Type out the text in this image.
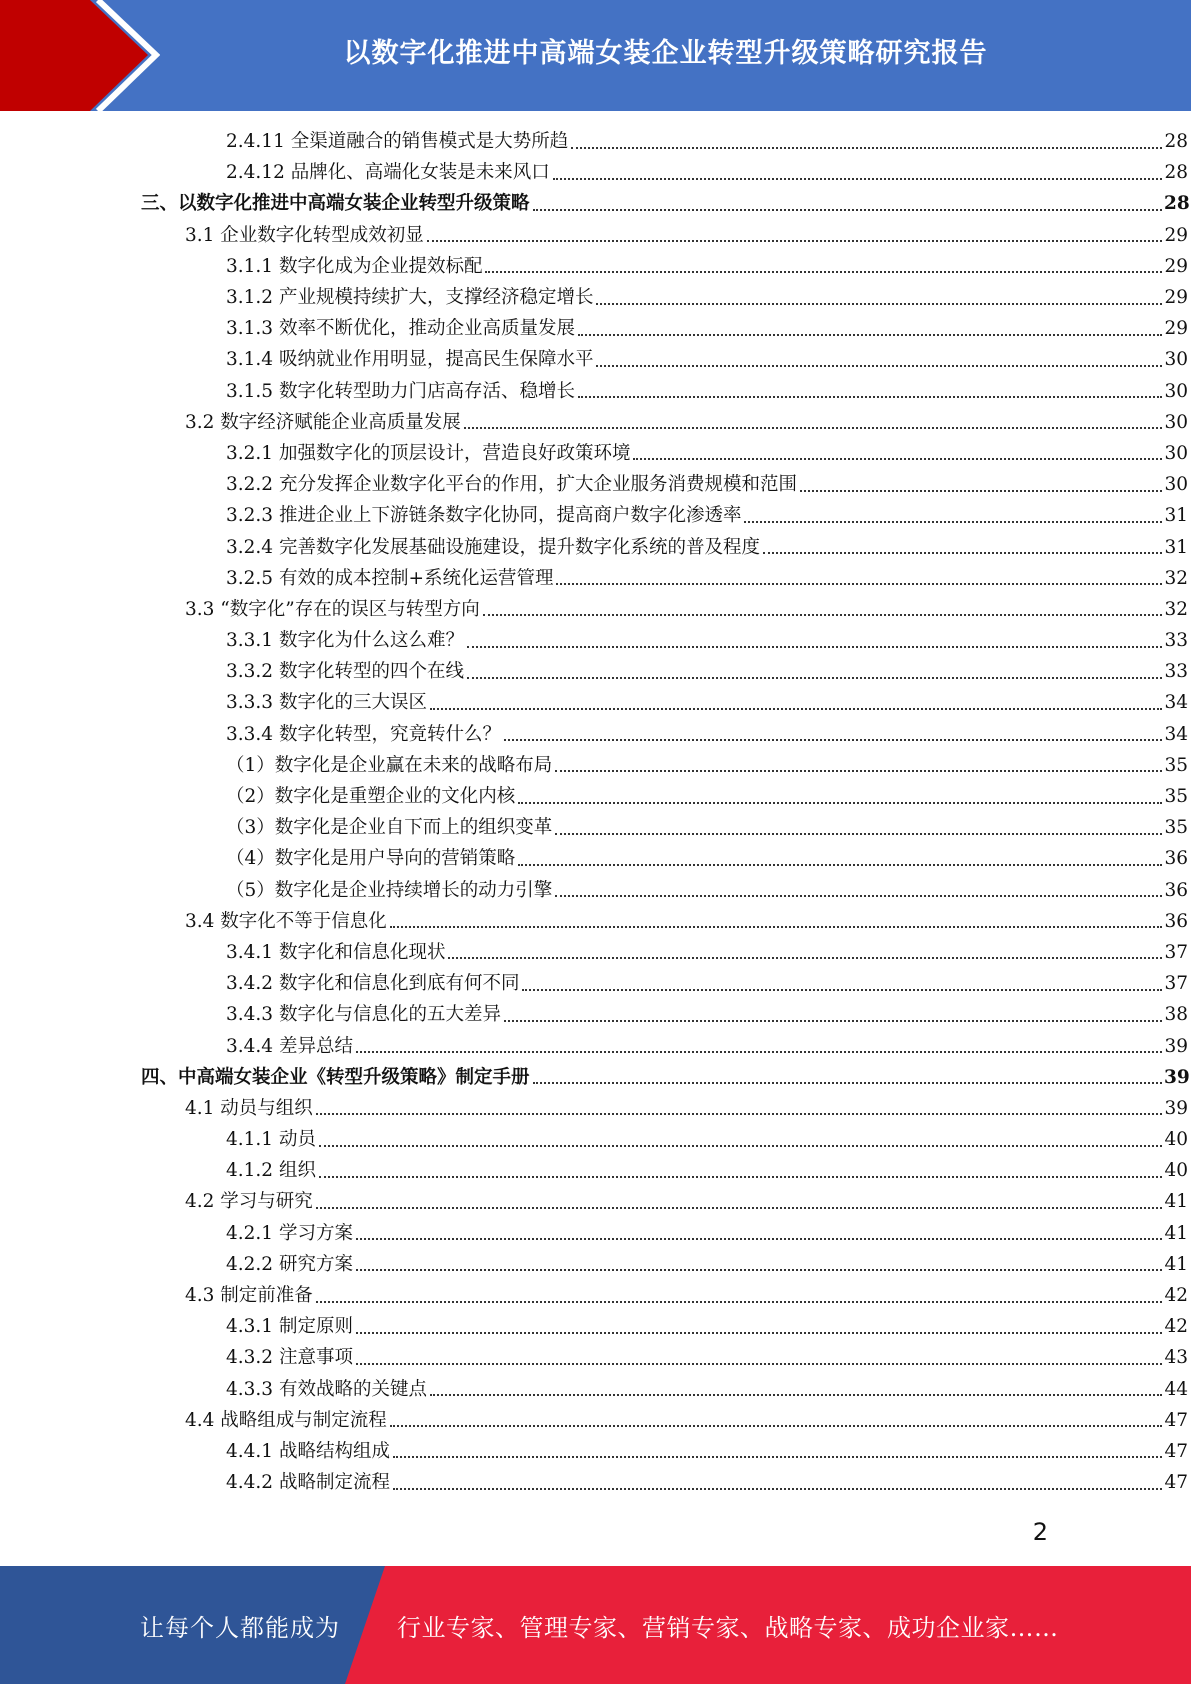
以数字化推进中高端女装企业转型升级策略研究报告
2.4.11 全渠道融合的销售模式是大势所趋	28
2.4.12 品牌化、高端化女装是未来风口	28
三、以数字化推进中高端女装企业转型升级策略	28
3.1 企业数字化转型成效初显	29
3.1.1 数字化成为企业提效标配	29
3.1.2 产业规模持续扩大，支撑经济稳定增长	29
3.1.3 效率不断优化，推动企业高质量发展	29
3.1.4 吸纳就业作用明显，提高民生保障水平	30
3.1.5 数字化转型助力门店高存活、稳增长	30
3.2 数字经济赋能企业高质量发展	30
3.2.1 加强数字化的顶层设计，营造良好政策环境	30
3.2.2 充分发挥企业数字化平台的作用，扩大企业服务消费规模和范围	30
3.2.3 推进企业上下游链条数字化协同，提高商户数字化渗透率	31
3.2.4 完善数字化发展基础设施建设，提升数字化系统的普及程度	31
3.2.5 有效的成本控制+系统化运营管理	32
3.3 “数字化”存在的误区与转型方向	32
3.3.1 数字化为什么这么难？	33
3.3.2 数字化转型的四个在线	33
3.3.3 数字化的三大误区	34
3.3.4 数字化转型，究竟转什么？	34
（1）数字化是企业赢在未来的战略布局	35
（2）数字化是重塑企业的文化内核	35
（3）数字化是企业自下而上的组织变革	35
（4）数字化是用户导向的营销策略	36
（5）数字化是企业持续增长的动力引擎	36
3.4 数字化不等于信息化	36
3.4.1 数字化和信息化现状	37
3.4.2 数字化和信息化到底有何不同	37
3.4.3 数字化与信息化的五大差异	38
3.4.4 差异总结	39
四、中高端女装企业《转型升级策略》制定手册	39
4.1 动员与组织	39
4.1.1 动员	40
4.1.2 组织	40
4.2 学习与研究	41
4.2.1 学习方案	41
4.2.2 研究方案	41
4.3 制定前准备	42
4.3.1 制定原则	42
4.3.2 注意事项	43
4.3.3 有效战略的关键点	44
4.4 战略组成与制定流程	47
4.4.1 战略结构组成	47
4.4.2 战略制定流程	47
2
让每个人都能成为 行业专家、管理专家、营销专家、战略专家、成功企业家……
